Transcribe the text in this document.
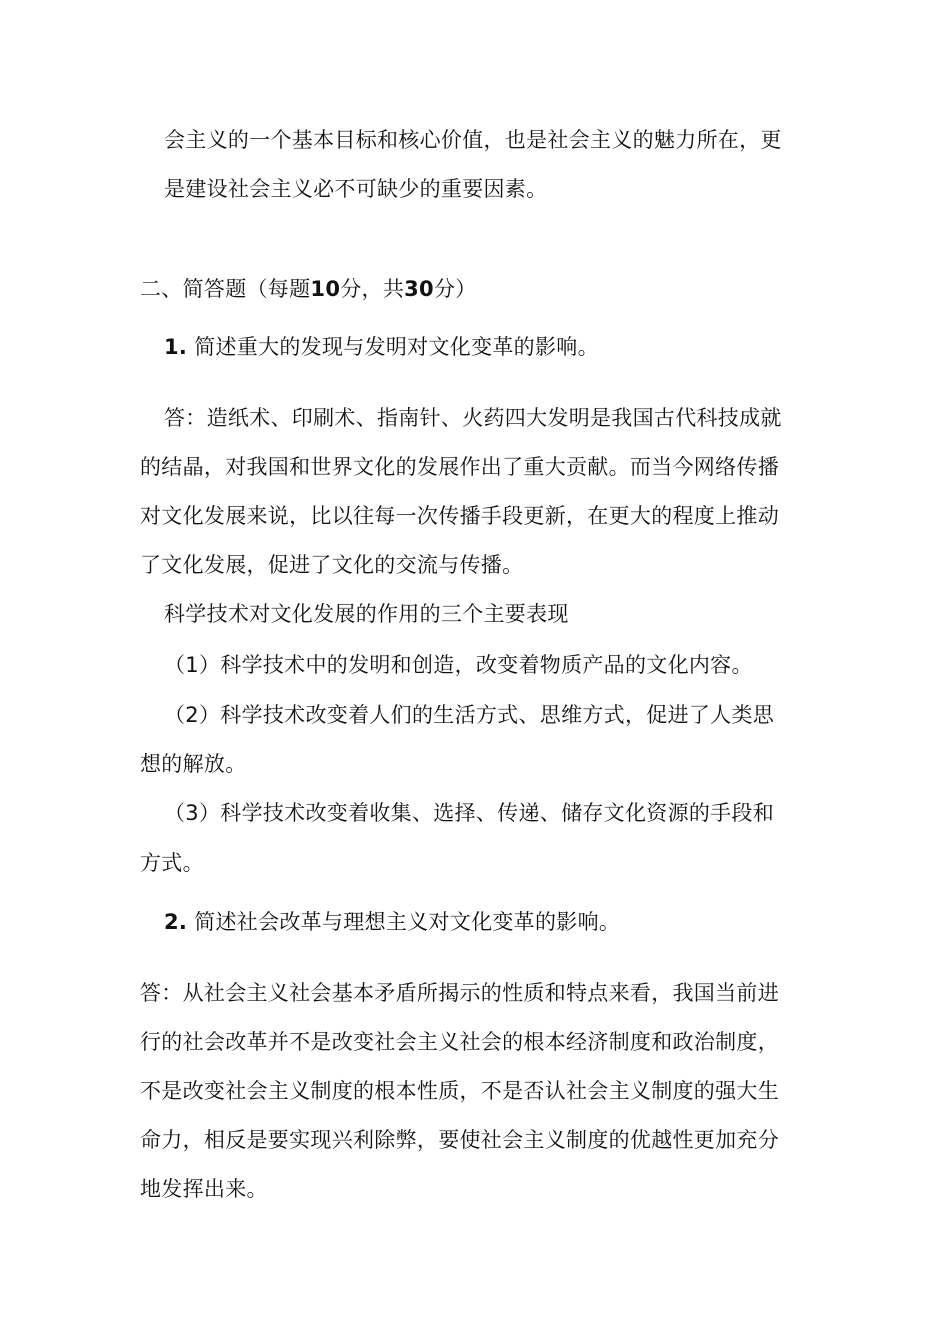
会主义的一个基本目标和核心价值，也是社会主义的魅力所在，更
是建设社会主义必不可缺少的重要因素。
二、简答题（每题10分，共30分）
1. 简述重大的发现与发明对文化变革的影响。
答：造纸术、印刷术、指南针、火药四大发明是我国古代科技成就
的结晶，对我国和世界文化的发展作出了重大贡献。而当今网络传播
对文化发展来说，比以往每一次传播手段更新，在更大的程度上推动
了文化发展，促进了文化的交流与传播。
科学技术对文化发展的作用的三个主要表现
（1）科学技术中的发明和创造，改变着物质产品的文化内容。
（2）科学技术改变着人们的生活方式、思维方式，促进了人类思
想的解放。
（3）科学技术改变着收集、选择、传递、储存文化资源的手段和
方式。
2. 简述社会改革与理想主义对文化变革的影响。
答：从社会主义社会基本矛盾所揭示的性质和特点来看，我国当前进
行的社会改革并不是改变社会主义社会的根本经济制度和政治制度，
不是改变社会主义制度的根本性质，不是否认社会主义制度的强大生
命力，相反是要实现兴利除弊，要使社会主义制度的优越性更加充分
地发挥出来。
